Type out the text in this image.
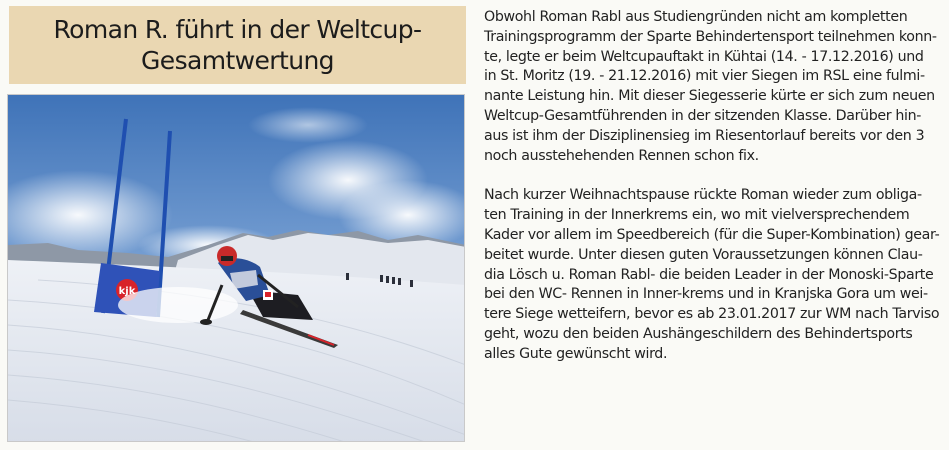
Roman R. führt in der Weltcup-
Gesamtwertung
kjk

Obwohl Roman Rabl aus Studiengründen nicht am kompletten
Trainingsprogramm der Sparte Behindertensport teilnehmen konn-
te, legte er beim Weltcupauftakt in Kühtai (14. - 17.12.2016) und
in St. Moritz (19. - 21.12.2016) mit vier Siegen im RSL eine fulmi-
nante Leistung hin. Mit dieser Siegesserie kürte er sich zum neuen
Weltcup-Gesamtführenden in der sitzenden Klasse. Darüber hin-
aus ist ihm der Disziplinensieg im Riesentorlauf bereits vor den 3
noch ausstehehenden Rennen schon fix.

Nach kurzer Weihnachtspause rückte Roman wieder zum obliga-
ten Training in der Innerkrems ein, wo mit vielversprechendem
Kader vor allem im Speedbereich (für die Super-Kombination) gear-
beitet wurde. Unter diesen guten Voraussetzungen können Clau-
dia Lösch u. Roman Rabl- die beiden Leader in der Monoski-Sparte
bei den WC- Rennen in Inner-krems und in Kranjska Gora um wei-
tere Siege wetteifern, bevor es ab 23.01.2017 zur WM nach Tarviso
geht, wozu den beiden Aushängeschildern des Behindertsports
alles Gute gewünscht wird.
